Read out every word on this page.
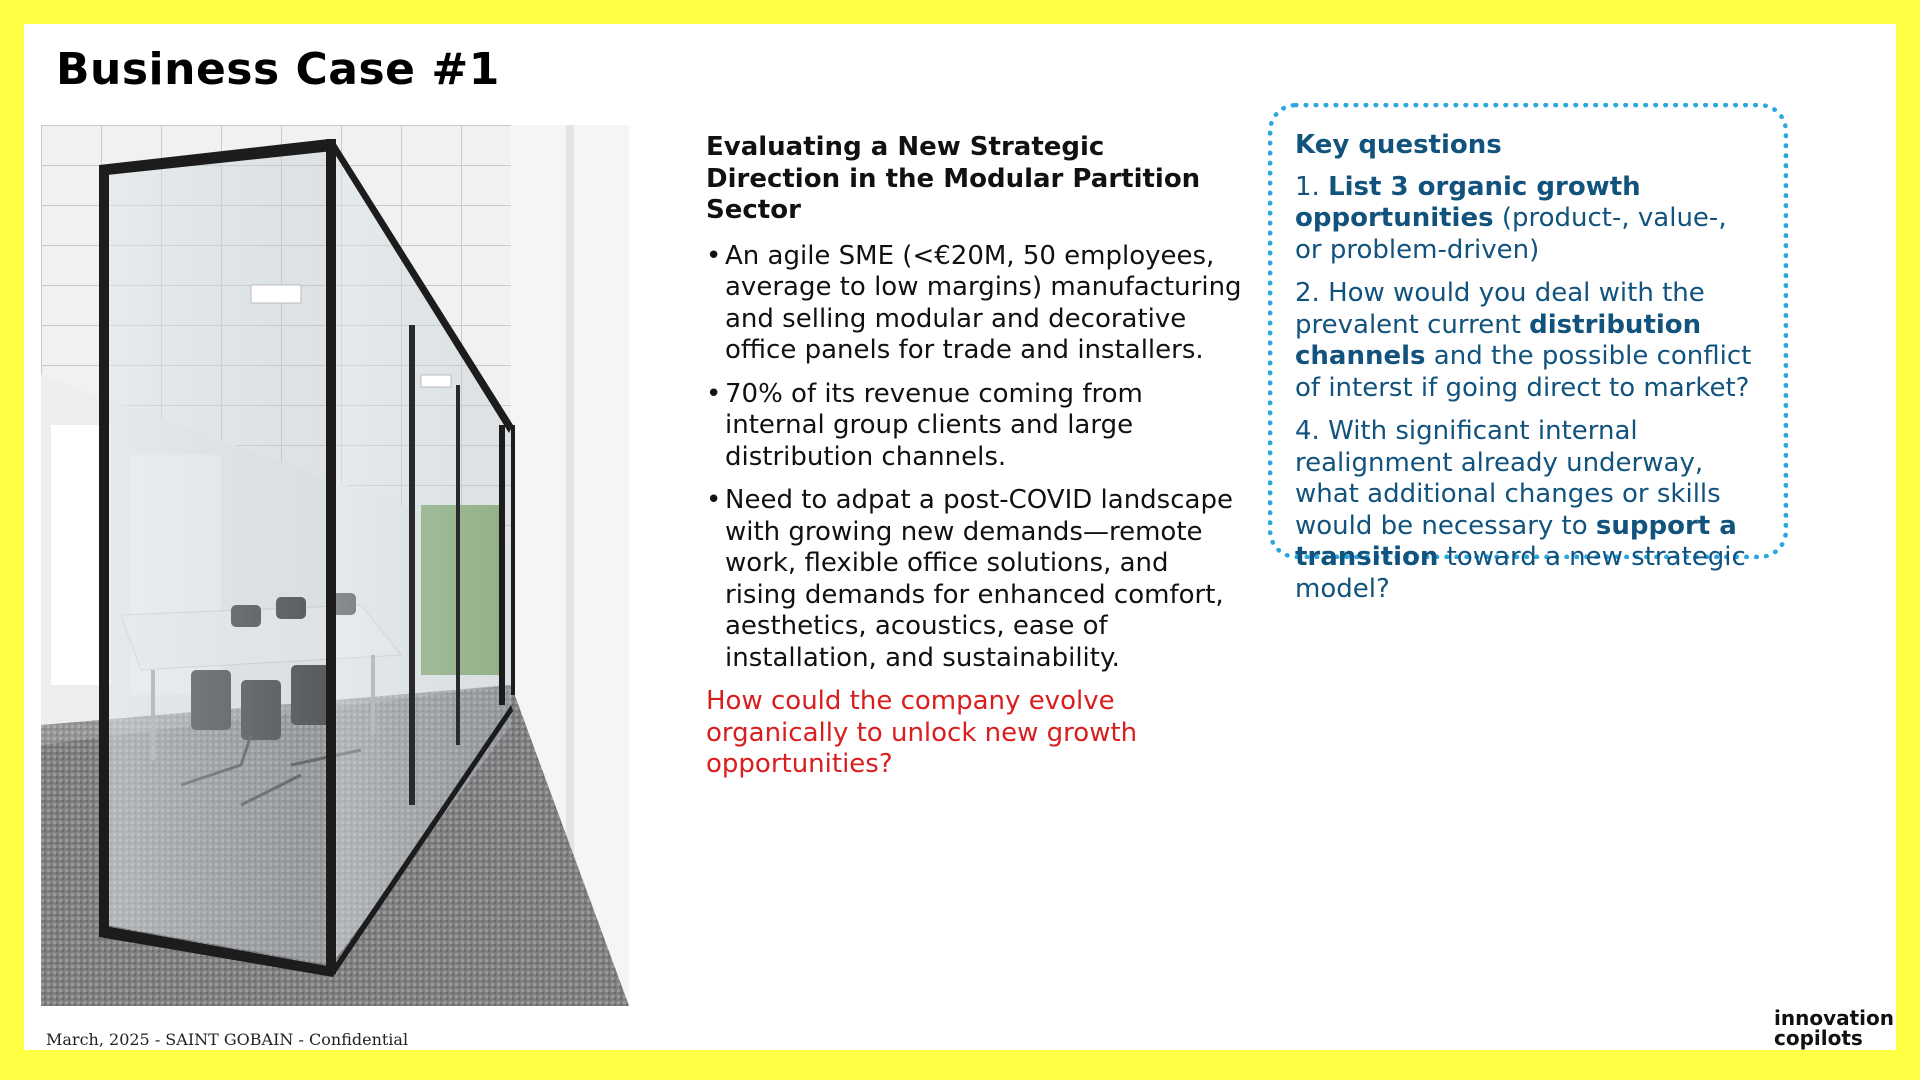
Business Case #1
Evaluating a New Strategic Direction in the Modular Partition Sector
• An agile SME (<€20M, 50 employees, average to low margins) manufacturing and selling modular and decorative office panels for trade and installers.
• 70% of its revenue coming from internal group clients and large distribution channels.
• Need to adpat a post-COVID landscape with growing new demands—remote work, flexible office solutions, and rising demands for enhanced comfort, aesthetics, acoustics, ease of installation, and sustainability.
How could the company evolve organically to unlock new growth opportunities?
Key questions

1. List 3 organic growth opportunities (product-, value-, or problem-driven)

2. How would you deal with the prevalent current distribution channels and the possible conflict of interst if going direct to market?

4. With significant internal realignment already underway, what additional changes or skills would be necessary to support a transition toward a new strategic model?

March, 2025 - SAINT GOBAIN - Confidential
innovation
copilots
